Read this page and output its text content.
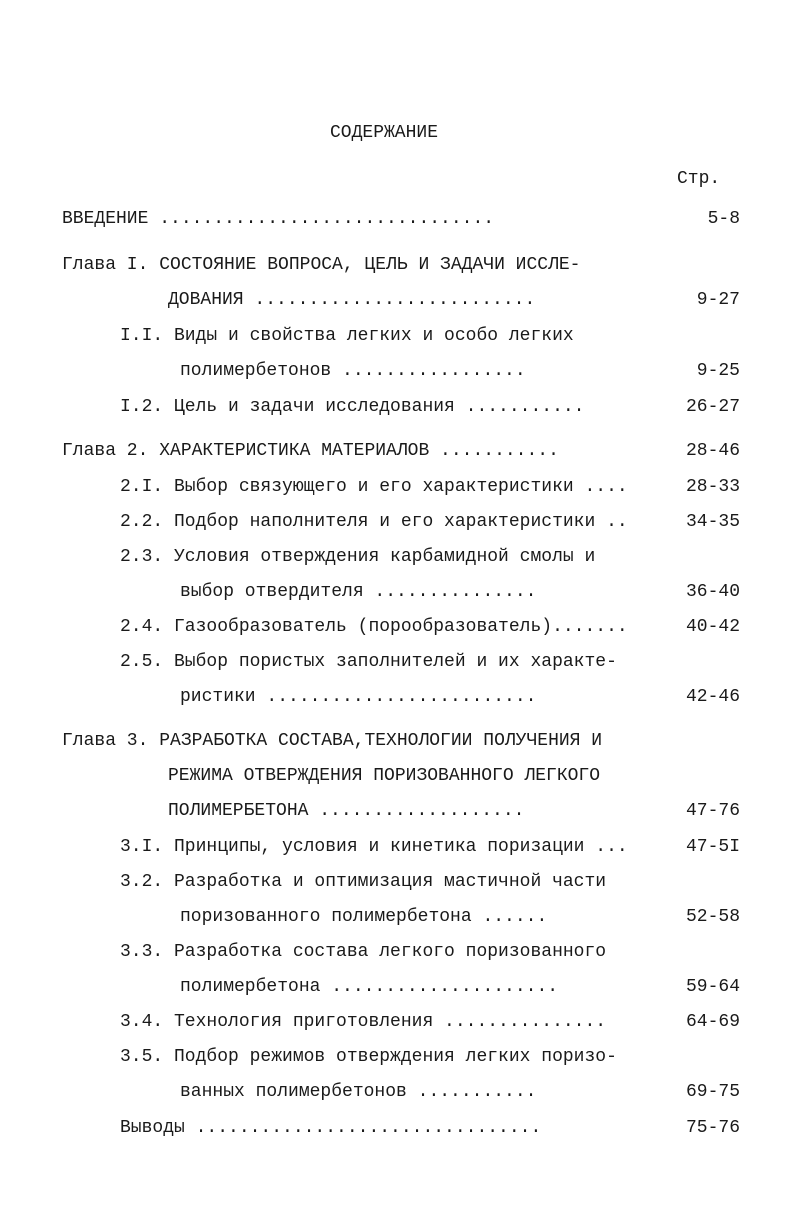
СОДЕРЖАНИЕ
Стр.
ВВЕДЕНИЕ ...............................	5-8
Глава I. СОСТОЯНИЕ ВОПРОСА, ЦЕЛЬ И ЗАДАЧИ ИССЛЕ-
ДОВАНИЯ ..........................	9-27
I.I. Виды и свойства легких и особо легких
полимербетонов .................	9-25
I.2. Цель и задачи исследования ...........	26-27
Глава 2. ХАРАКТЕРИСТИКА МАТЕРИАЛОВ ...........	28-46
2.I. Выбор связующего и его характеристики ....	28-33
2.2. Подбор наполнителя и его характеристики ..	34-35
2.3. Условия отверждения карбамидной смолы и
выбор отвердителя ...............	36-40
2.4. Газообразователь (порообразователь).......	40-42
2.5. Выбор пористых заполнителей и их характе-
ристики .........................	42-46
Глава 3. РАЗРАБОТКА СОСТАВА,ТЕХНОЛОГИИ ПОЛУЧЕНИЯ И
РЕЖИМА ОТВЕРЖДЕНИЯ ПОРИЗОВАННОГО ЛЕГКОГО
ПОЛИМЕРБЕТОНА ...................	47-76
3.I. Принципы, условия и кинетика поризации ...	47-5I
3.2. Разработка и оптимизация мастичной части
поризованного полимербетона ......	52-58
3.3. Разработка состава легкого поризованного
полимербетона .....................	59-64
3.4. Технология приготовления ...............	64-69
3.5. Подбор режимов отверждения легких поризо-
ванных полимербетонов ...........	69-75
Выводы ................................	75-76
